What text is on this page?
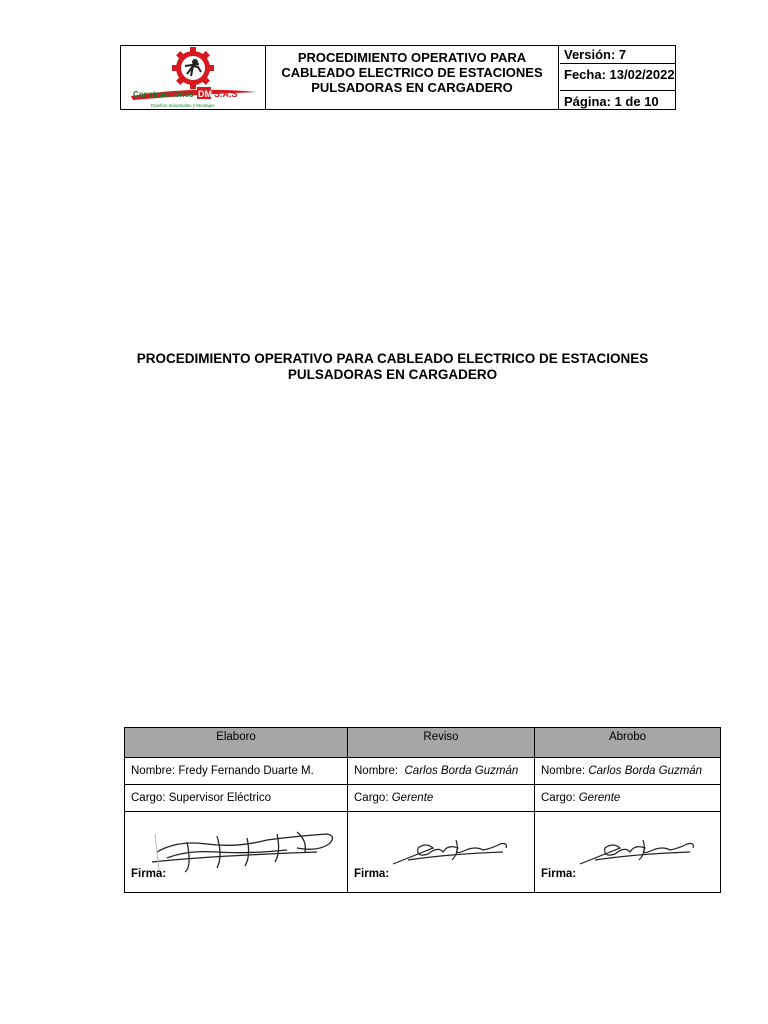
Construcciones DM S.A.S
Diseños Industriales y Montajes
PROCEDIMIENTO OPERATIVO PARA CABLEADO ELECTRICO DE ESTACIONES PULSADORAS EN CARGADERO
Versión: 7
Fecha: 13/02/2022
Página: 1 de 10
PROCEDIMIENTO OPERATIVO PARA CABLEADO ELECTRICO DE ESTACIONES PULSADORAS EN CARGADERO
Elaboro	Reviso	Abrobo
Nombre: Fredy Fernando Duarte M.	Nombre: Carlos Borda Guzmán	Nombre: Carlos Borda Guzmán
Cargo: Supervisor Eléctrico	Cargo: Gerente	Cargo: Gerente

Firma:	Firma:	Firma:
